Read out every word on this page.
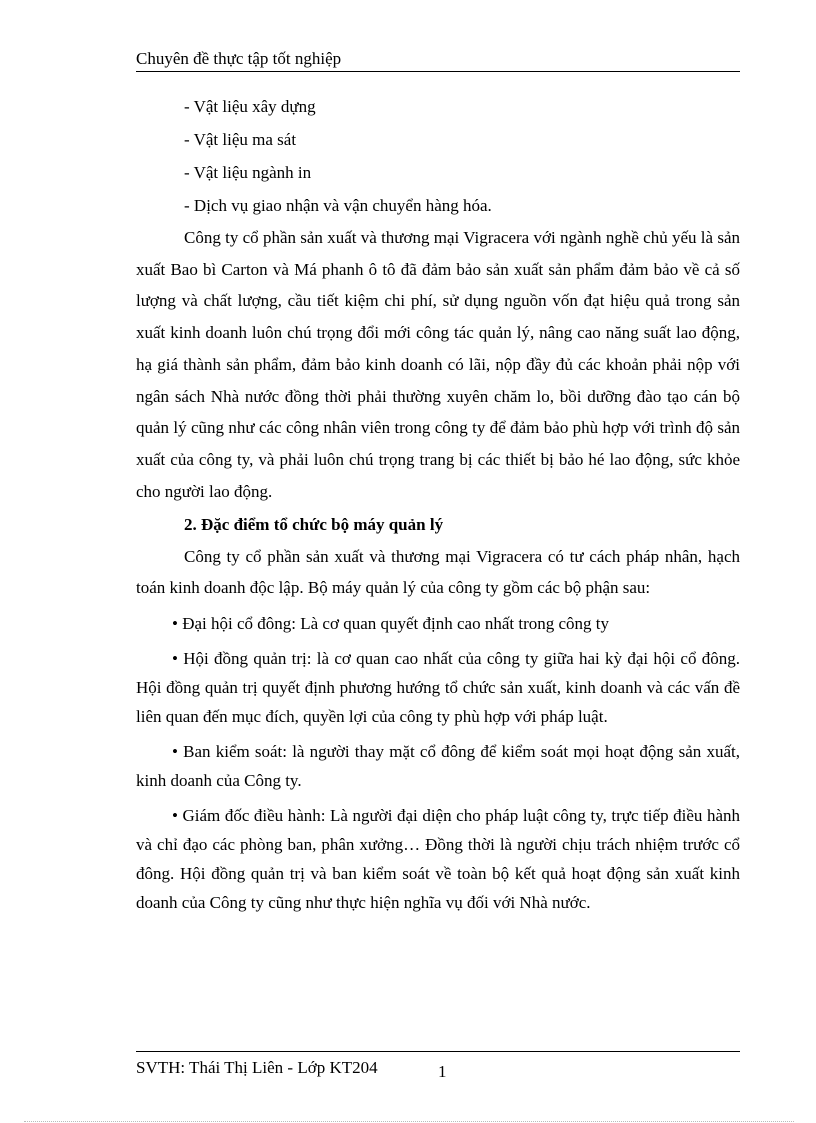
Chuyên đề thực tập tốt nghiệp
- Vật liệu xây dựng
- Vật liệu ma sát
- Vật liệu ngành in
- Dịch vụ giao nhận và vận chuyển hàng hóa.

Công ty cổ phần sản xuất và thương mại Vigracera với ngành nghề chủ yếu là sản xuất Bao bì Carton và Má phanh ô tô đã đảm bảo sản xuất sản phẩm đảm bảo về cả số lượng và chất lượng, cầu tiết kiệm chi phí, sử dụng nguồn vốn đạt hiệu quả trong sản xuất kinh doanh luôn chú trọng đổi mới công tác quản lý, nâng cao năng suất lao động, hạ giá thành sản phẩm, đảm bảo kinh doanh có lãi, nộp đầy đủ các khoản phải nộp với ngân sách Nhà nước đồng thời phải thường xuyên chăm lo, bồi dưỡng đào tạo cán bộ quản lý cũng như các công nhân viên trong công ty để đảm bảo phù hợp với trình độ sản xuất của công ty, và phải luôn chú trọng trang bị các thiết bị bảo hé lao động, sức khỏe cho người lao động.

2. Đặc điểm tổ chức bộ máy quản lý

Công ty cổ phần sản xuất và thương mại Vigracera có tư cách pháp nhân, hạch toán kinh doanh độc lập. Bộ máy quản lý của công ty gồm các bộ phận sau:

• Đại hội cổ đông: Là cơ quan quyết định cao nhất trong công ty

• Hội đồng quản trị: là cơ quan cao nhất của công ty giữa hai kỳ đại hội cổ đông. Hội đồng quản trị quyết định phương hướng tổ chức sản xuất, kinh doanh và các vấn đề liên quan đến mục đích, quyền lợi của công ty phù hợp với pháp luật.

• Ban kiểm soát: là người thay mặt cổ đông để kiểm soát mọi hoạt động sản xuất, kinh doanh của Công ty.

• Giám đốc điều hành: Là người đại diện cho pháp luật công ty, trực tiếp điều hành và chỉ đạo các phòng ban, phân xưởng… Đồng thời là người chịu trách nhiệm trước cổ đông. Hội đồng quản trị và ban kiểm soát về toàn bộ kết quả hoạt động sản xuất kinh doanh của Công ty cũng như thực hiện nghĩa vụ đối với Nhà nước.

SVTH: Thái Thị Liên - Lớp KT204	1
